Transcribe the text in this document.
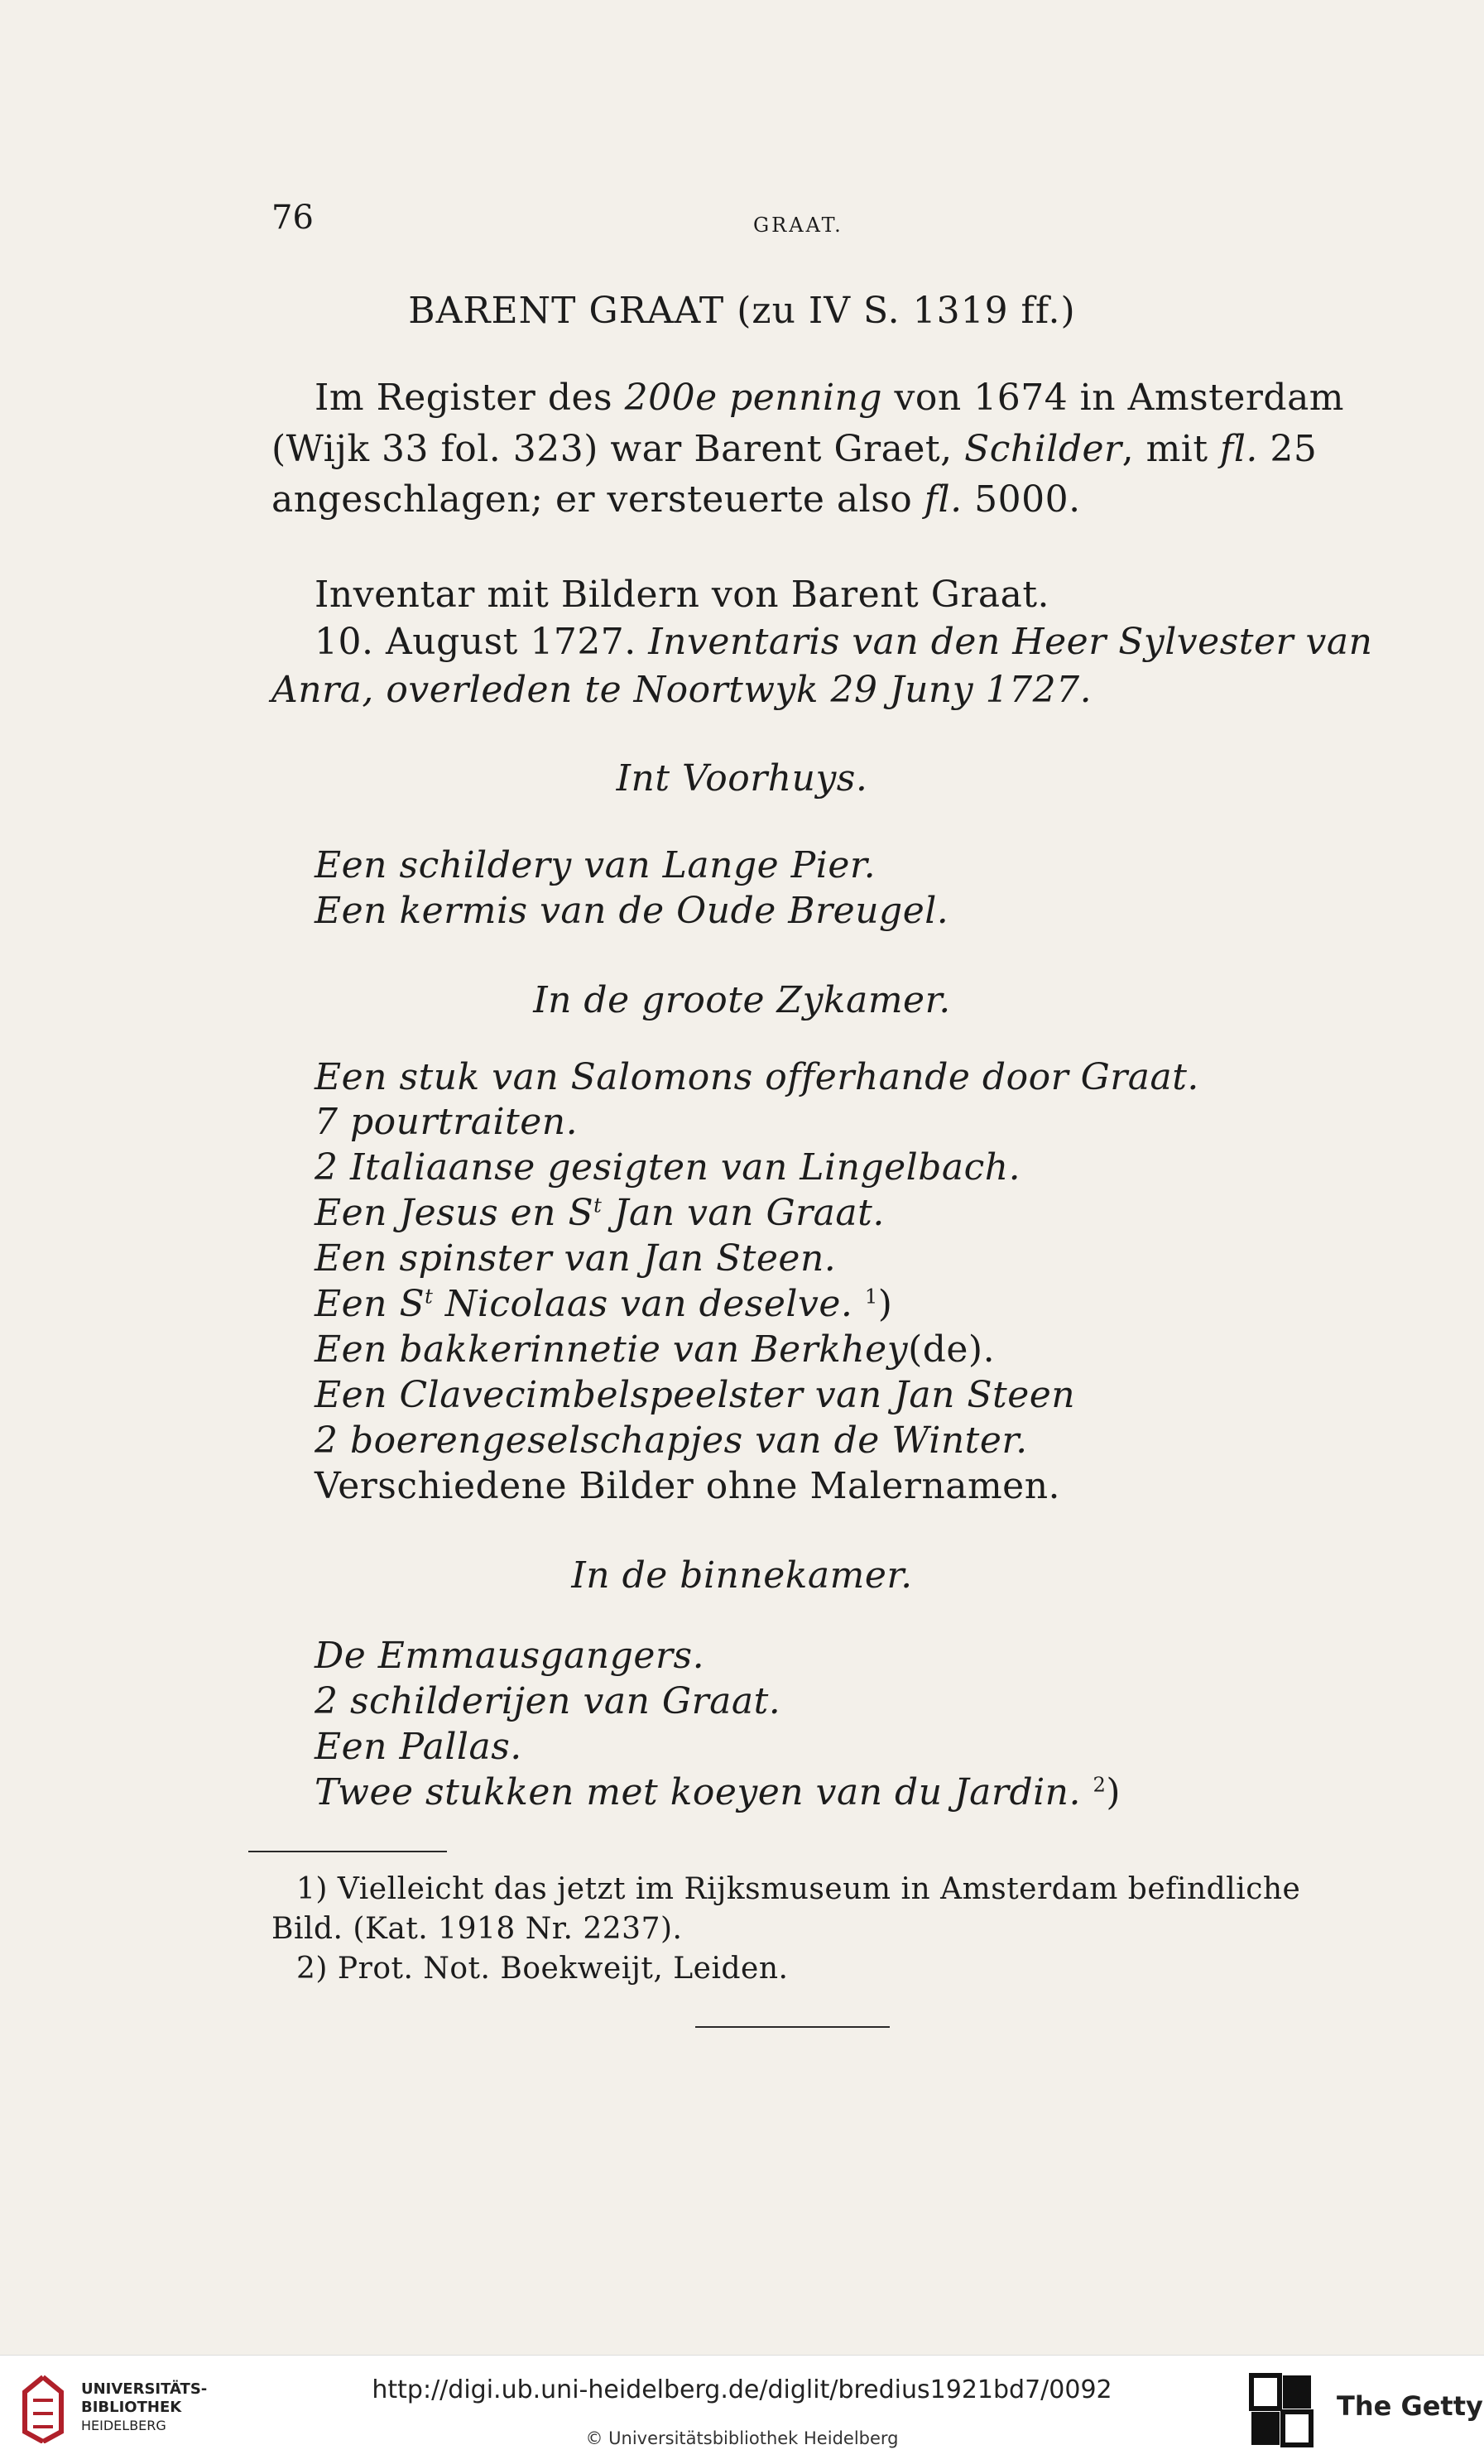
76	GRAAT.
BARENT GRAAT (zu IV S. 1319 ff.)
Im Register des 200e penning von 1674 in Amsterdam
(Wijk 33 fol. 323) war Barent Graet, Schilder, mit fl. 25
angeschlagen; er versteuerte also fl. 5000.
Inventar mit Bildern von Barent Graat.
10. August 1727. Inventaris van den Heer Sylvester van
Anra, overleden te Noortwyk 29 Juny 1727.
Int Voorhuys.
Een schildery van Lange Pier.
Een kermis van de Oude Breugel.
In de groote Zykamer.
Een stuk van Salomons offerhande door Graat.
7 pourtraiten.
2 Italiaanse gesigten van Lingelbach.
Een Jesus en $S^t$ Jan van Graat.
Een spinster van Jan Steen.
Een $S^t$ Nicolaas van deselve. $^1$)
Een bakkerinnetie van Berkhey(de).
Een Clavecimbelspeelster van Jan Steen
2 boerengeselschapjes van de Winter.
Verschiedene Bilder ohne Malernamen.
In de binnekamer.
De Emmausgangers.
2 schilderijen van Graat.
Een Pallas.
Twee stukken met koeyen van du Jardin. $^2$)
1) Vielleicht das jetzt im Rijksmuseum in Amsterdam befindliche
Bild. (Kat. 1918 Nr. 2237).
2) Prot. Not. Boekweijt, Leiden.
UNIVERSITÄTS-
BIBLIOTHEK
HEIDELBERG
http://digi.ub.uni-heidelberg.de/diglit/bredius1921bd7/0092
© Universitätsbibliothek Heidelberg
The Getty
